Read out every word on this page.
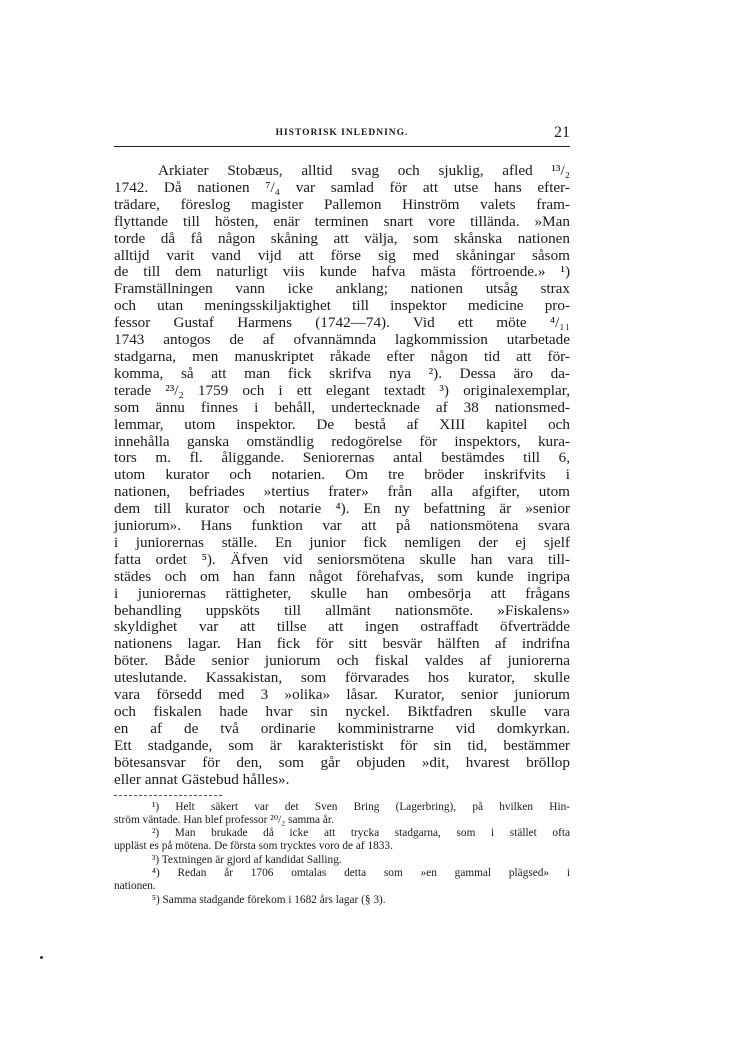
HISTORISK INLEDNING.	21
Arkiater Stobæus, alltid svag och sjuklig, afled ¹³/₂
1742. Då nationen ⁷/₄ var samlad för att utse hans efter-
trädare, föreslog magister Pallemon Hinström valets fram-
flyttande till hösten, enär terminen snart vore tilländа. »Man
torde då få någon skåning att välja, som skånska nationen
alltijd varit vand vijd att förse sig med skåningar såsom
de till dem naturligt viis kunde hafva mästa förtroende.» ¹)
Framställningen vann icke anklang; nationen utsåg strax
och utan meningsskiljaktighet till inspektor medicine pro-
fessor Gustaf Harmens (1742—74). Vid ett möte ⁴/₁₁
1743 antogos de af ofvannämnda lagkommission utarbetade
stadgarna, men manuskriptet råkade efter någon tid att för-
komma, så att man fick skrifva nya ²). Dessa äro da-
terade ²³/₂ 1759 och i ett elegant textadt ³) originalexemplar,
som ännu finnes i behåll, undertecknade af 38 nationsmed-
lemmar, utom inspektor. De bestå af XIII kapitel och
innehålla ganska omständlig redogörelse för inspektors, kura-
tors m. fl. åliggande. Seniorernas antal bestämdes till 6,
utom kurator och notarien. Om tre bröder inskrifvits i
nationen, befriades »tertius frater» från alla afgifter, utom
dem till kurator och notarie ⁴). En ny befattning är »senior
juniorum». Hans funktion var att på nationsmötena svara
i juniorernas ställe. En junior fick nemligen der ej sjelf
fatta ordet ⁵). Äfven vid seniorsmötena skulle han vara till-
städes och om han fann något förehafvas, som kunde ingripa
i juniorernas rättigheter, skulle han ombesörja att frågans
behandling uppsköts till allmänt nationsmöte. »Fiskalens»
skyldighet var att tillse att ingen ostraffadt öfverträdde
nationens lagar. Han fick för sitt besvär hälften af indrifna
böter. Både senior juniorum och fiskal valdes af juniorerna
uteslutande. Kassakistan, som förvarades hos kurator, skulle
vara försedd med 3 »olika» låsar. Kurator, senior juniorum
och fiskalen hade hvar sin nyckel. Biktfadren skulle vara
en af de två ordinarie komministrarne vid domkyrkan.
Ett stadgande, som är karakteristiskt för sin tid, bestämmer
bötesansvar för den, som går objuden »dit, hvarest bröllop
eller annat Gästebud hålles».
¹) Helt säkert var det Sven Bring (Lagerbring), på hvilken Hin-
ström väntade. Han blef professor ²⁰/₂ samma år.
²) Man brukade då icke att trycka stadgarna, som i stället ofta
uppläst es på mötena. De första som trycktes voro de af 1833.
³) Textningen är gjord af kandidat Salling.
⁴) Redan år 1706 omtalas detta som »en gammal plägsed» i
nationen.
⁵) Samma stadgande förekom i 1682 års lagar (§ 3).
